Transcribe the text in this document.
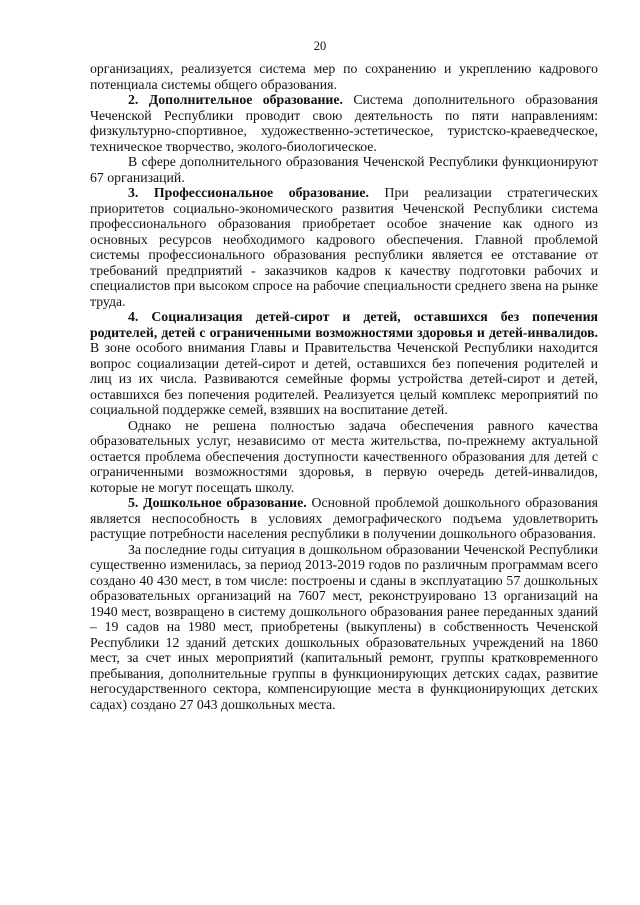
20

организациях, реализуется система мер по сохранению и укреплению кадрового потенциала системы общего образования.

2. Дополнительное образование. Система дополнительного образования Чеченской Республики проводит свою деятельность по пяти направлениям: физкультурно-спортивное, художественно-эстетическое, туристско-краеведческое, техническое творчество, эколого-биологическое.

В сфере дополнительного образования Чеченской Республики функционируют 67 организаций.

3. Профессиональное образование. При реализации стратегических приоритетов социально-экономического развития Чеченской Республики система профессионального образования приобретает особое значение как одного из основных ресурсов необходимого кадрового обеспечения. Главной проблемой системы профессионального образования республики является ее отставание от требований предприятий - заказчиков кадров к качеству подготовки рабочих и специалистов при высоком спросе на рабочие специальности среднего звена на рынке труда.

4. Социализация детей-сирот и детей, оставшихся без попечения родителей, детей с ограниченными возможностями здоровья и детей-инвалидов. В зоне особого внимания Главы и Правительства Чеченской Республики находится вопрос социализации детей-сирот и детей, оставшихся без попечения родителей и лиц из их числа. Развиваются семейные формы устройства детей-сирот и детей, оставшихся без попечения родителей. Реализуется целый комплекс мероприятий по социальной поддержке семей, взявших на воспитание детей.

Однако не решена полностью задача обеспечения равного качества образовательных услуг, независимо от места жительства, по-прежнему актуальной остается проблема обеспечения доступности качественного образования для детей с ограниченными возможностями здоровья, в первую очередь детей-инвалидов, которые не могут посещать школу.

5. Дошкольное образование. Основной проблемой дошкольного образования является неспособность в условиях демографического подъема удовлетворить растущие потребности населения республики в получении дошкольного образования.

За последние годы ситуация в дошкольном образовании Чеченской Республики существенно изменилась, за период 2013-2019 годов по различным программам всего создано 40 430 мест, в том числе: построены и сданы в эксплуатацию 57 дошкольных образовательных организаций на 7607 мест, реконструировано 13 организаций на 1940 мест, возвращено в систему дошкольного образования ранее переданных зданий – 19 садов на 1980 мест, приобретены (выкуплены) в собственность Чеченской Республики 12 зданий детских дошкольных образовательных учреждений на 1860 мест, за счет иных мероприятий (капитальный ремонт, группы кратковременного пребывания, дополнительные группы в функционирующих детских садах, развитие негосударственного сектора, компенсирующие места в функционирующих детских садах) создано 27 043 дошкольных места.
